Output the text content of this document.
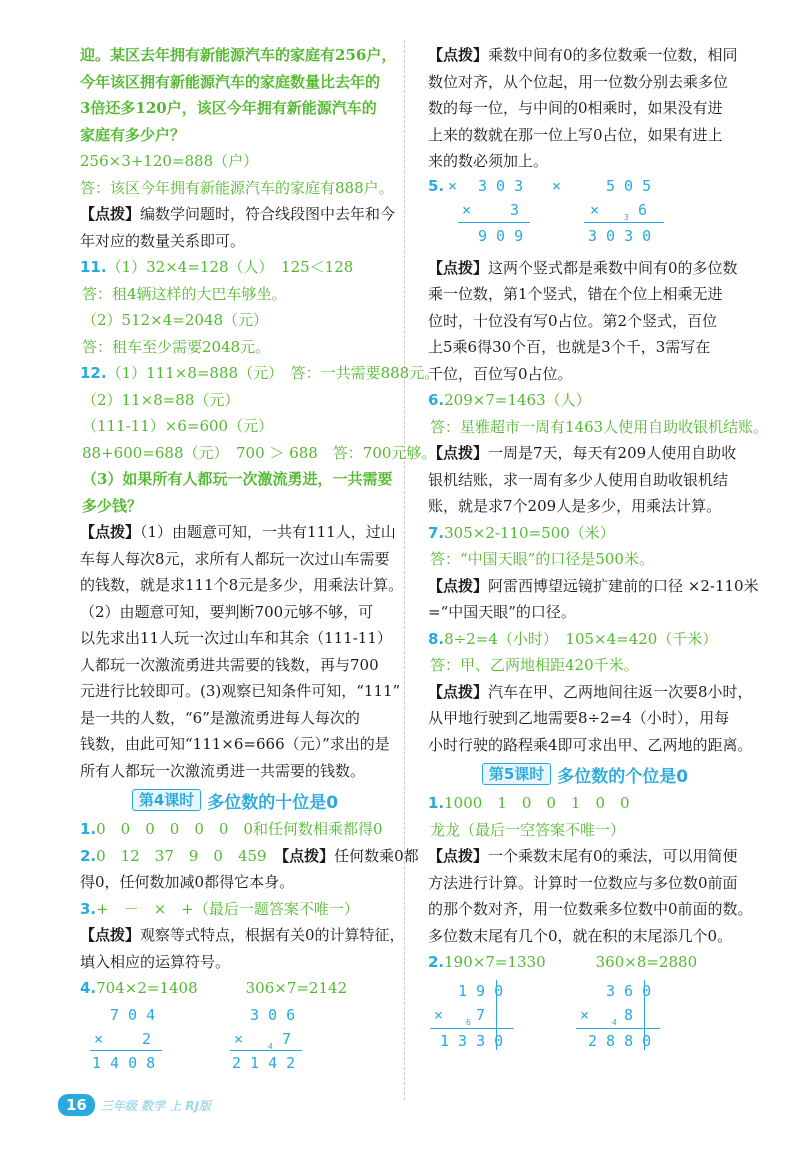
迎。某区去年拥有新能源汽车的家庭有256户，
今年该区拥有新能源汽车的家庭数量比去年的
3倍还多120户，该区今年拥有新能源汽车的
家庭有多少户？
256×3+120=888（户）
答：该区今年拥有新能源汽车的家庭有888户。
【点拨】编数学问题时，符合线段图中去年和今
年对应的数量关系即可。
11.（1）32×4=128（人）　125＜128
答：租4辆这样的大巴车够坐。
（2）512×4=2048（元）
答：租车至少需要2048元。
12.（1）111×8=888（元）　答：一共需要888元。
（2）11×8=88（元）
（111-11）×6=600（元）
88+600=688（元）　700 ＞ 688　答：700元够。
（3）如果所有人都玩一次激流勇进，一共需要
多少钱？
【点拨】（1）由题意可知，一共有111人，过山
车每人每次8元，求所有人都玩一次过山车需要
的钱数，就是求111个8元是多少，用乘法计算。
（2）由题意可知，要判断700元够不够，可
以先求出11人玩一次过山车和其余（111-11）
人都玩一次激流勇进共需要的钱数，再与700
元进行比较即可。(3)观察已知条件可知，“111”
是一共的人数，“6”是激流勇进每人每次的
钱数，由此可知“111×6=666（元）”求出的是
所有人都玩一次激流勇进一共需要的钱数。
第4课时 多位数的十位是0
1.0　0　0　0　0　0　0和任何数相乘都得0
2.0　12　37　9　0　459　 【点拨】任何数乘0都
得0，任何数加减0都得它本身。
3.+　－　×　+（最后一题答案不唯一）
【点拨】观察等式特点，根据有关0的计算特征，
填入相应的运算符号。
4.704×2=1408	306×7=2142
7 0 4
×	2
1 4 0 8
3 0 6
×	4 7
2 1 4 2
【点拨】乘数中间有0的多位数乘一位数，相同
数位对齐，从个位起，用一位数分别去乘多位
数的每一位，与中间的0相乘时，如果没有进
上来的数就在那一位上写0占位，如果有进上
来的数必须加上。
5. × 3 0 3
×	3
9 0 9
×	5 0 5
×	3 6
3 0 3 0
【点拨】这两个竖式都是乘数中间有0的多位数
乘一位数，第1个竖式，错在个位上相乘无进
位时，十位没有写0占位。第2个竖式，百位
上5乘6得30个百，也就是3个千，3需写在
千位，百位写0占位。
6.209×7=1463（人）
答：星雅超市一周有1463人使用自助收银机结账。
【点拨】一周是7天，每天有209人使用自助收
银机结账，求一周有多少人使用自助收银机结
账，就是求7个209人是多少，用乘法计算。
7.305×2-110=500（米）
答：“中国天眼”的口径是500米。
【点拨】阿雷西博望远镜扩建前的口径 ×2-110米
=“中国天眼”的口径。
8.8÷2=4（小时）　105×4=420（千米）
答：甲、乙两地相距420千米。
【点拨】汽车在甲、乙两地间往返一次要8小时，
从甲地行驶到乙地需要8÷2=4（小时），用每
小时行驶的路程乘4即可求出甲、乙两地的距离。
第5课时 多位数的个位是0
1.1000　1　0　0　1　0　0
龙龙（最后一空答案不唯一）
【点拨】一个乘数末尾有0的乘法，可以用简便
方法进行计算。计算时一位数应与多位数0前面
的那个数对齐，用一位数乘多位数中0前面的数。
多位数末尾有几个0，就在积的末尾添几个0。
2.190×7=1330	360×8=2880
1 9 0
×	6 7
1 3 3 0
3 6 0
×	4 8
2 8 8 0
16	三年级 数学 上 RJ版
